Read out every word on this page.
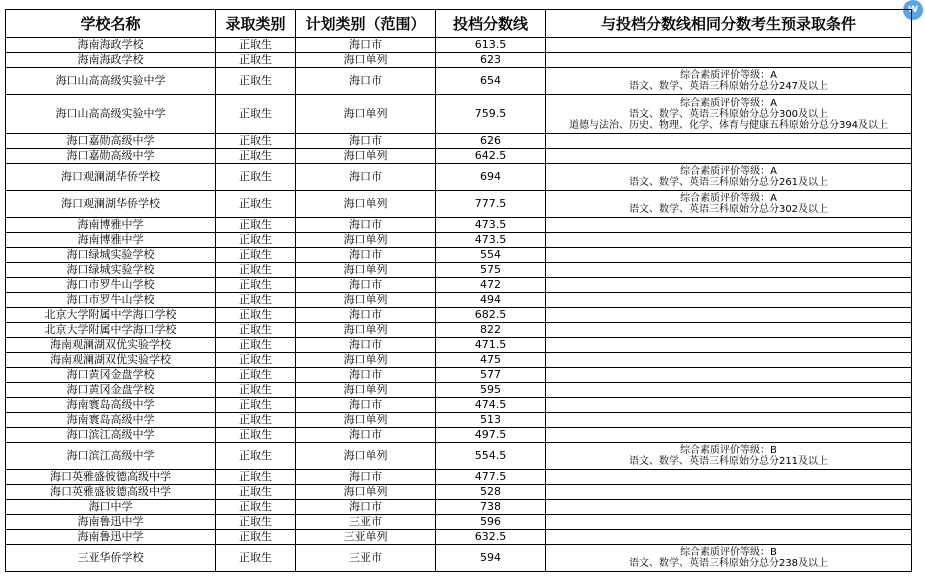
W
学校名称	录取类别	计划类别（范围）	投档分数线	与投档分数线相同分数考生预录取条件
海南海政学校	正取生	海口市	613.5	
海南海政学校	正取生	海口单列	623	
海口山高高级实验中学	正取生	海口市	654	综合素质评价等级：A
语文、数学、英语三科原始分总分247及以上

海口山高高级实验中学	正取生	海口单列	759.5	综合素质评价等级：A
语文、数学、英语三科原始分总分300及以上
道德与法治、历史、物理、化学、体育与健康五科原始分总分394及以上

海口嘉勋高级中学	正取生	海口市	626	
海口嘉勋高级中学	正取生	海口单列	642.5	
海口观澜湖华侨学校	正取生	海口市	694	综合素质评价等级：A
语文、数学、英语三科原始分总分261及以上

海口观澜湖华侨学校	正取生	海口单列	777.5	综合素质评价等级：A
语文、数学、英语三科原始分总分302及以上

海南博雅中学	正取生	海口市	473.5	
海南博雅中学	正取生	海口单列	473.5	
海口绿城实验学校	正取生	海口市	554	
海口绿城实验学校	正取生	海口单列	575	
海口市罗牛山学校	正取生	海口市	472	
海口市罗牛山学校	正取生	海口单列	494	
北京大学附属中学海口学校	正取生	海口市	682.5	
北京大学附属中学海口学校	正取生	海口单列	822	
海南观澜湖双优实验学校	正取生	海口市	471.5	
海南观澜湖双优实验学校	正取生	海口单列	475	
海口黄冈金盘学校	正取生	海口市	577	
海口黄冈金盘学校	正取生	海口单列	595	
海南寰岛高级中学	正取生	海口市	474.5	
海南寰岛高级中学	正取生	海口单列	513	
海口滨江高级中学	正取生	海口市	497.5	
海口滨江高级中学	正取生	海口单列	554.5	综合素质评价等级：B
语文、数学、英语三科原始分总分211及以上

海口英雅盛彼德高级中学	正取生	海口市	477.5	
海口英雅盛彼德高级中学	正取生	海口单列	528	
海口中学	正取生	海口市	738	
海南鲁迅中学	正取生	三亚市	596	
海南鲁迅中学	正取生	三亚单列	632.5	
三亚华侨学校	正取生	三亚市	594	综合素质评价等级：B
语文、数学、英语三科原始分总分238及以上
